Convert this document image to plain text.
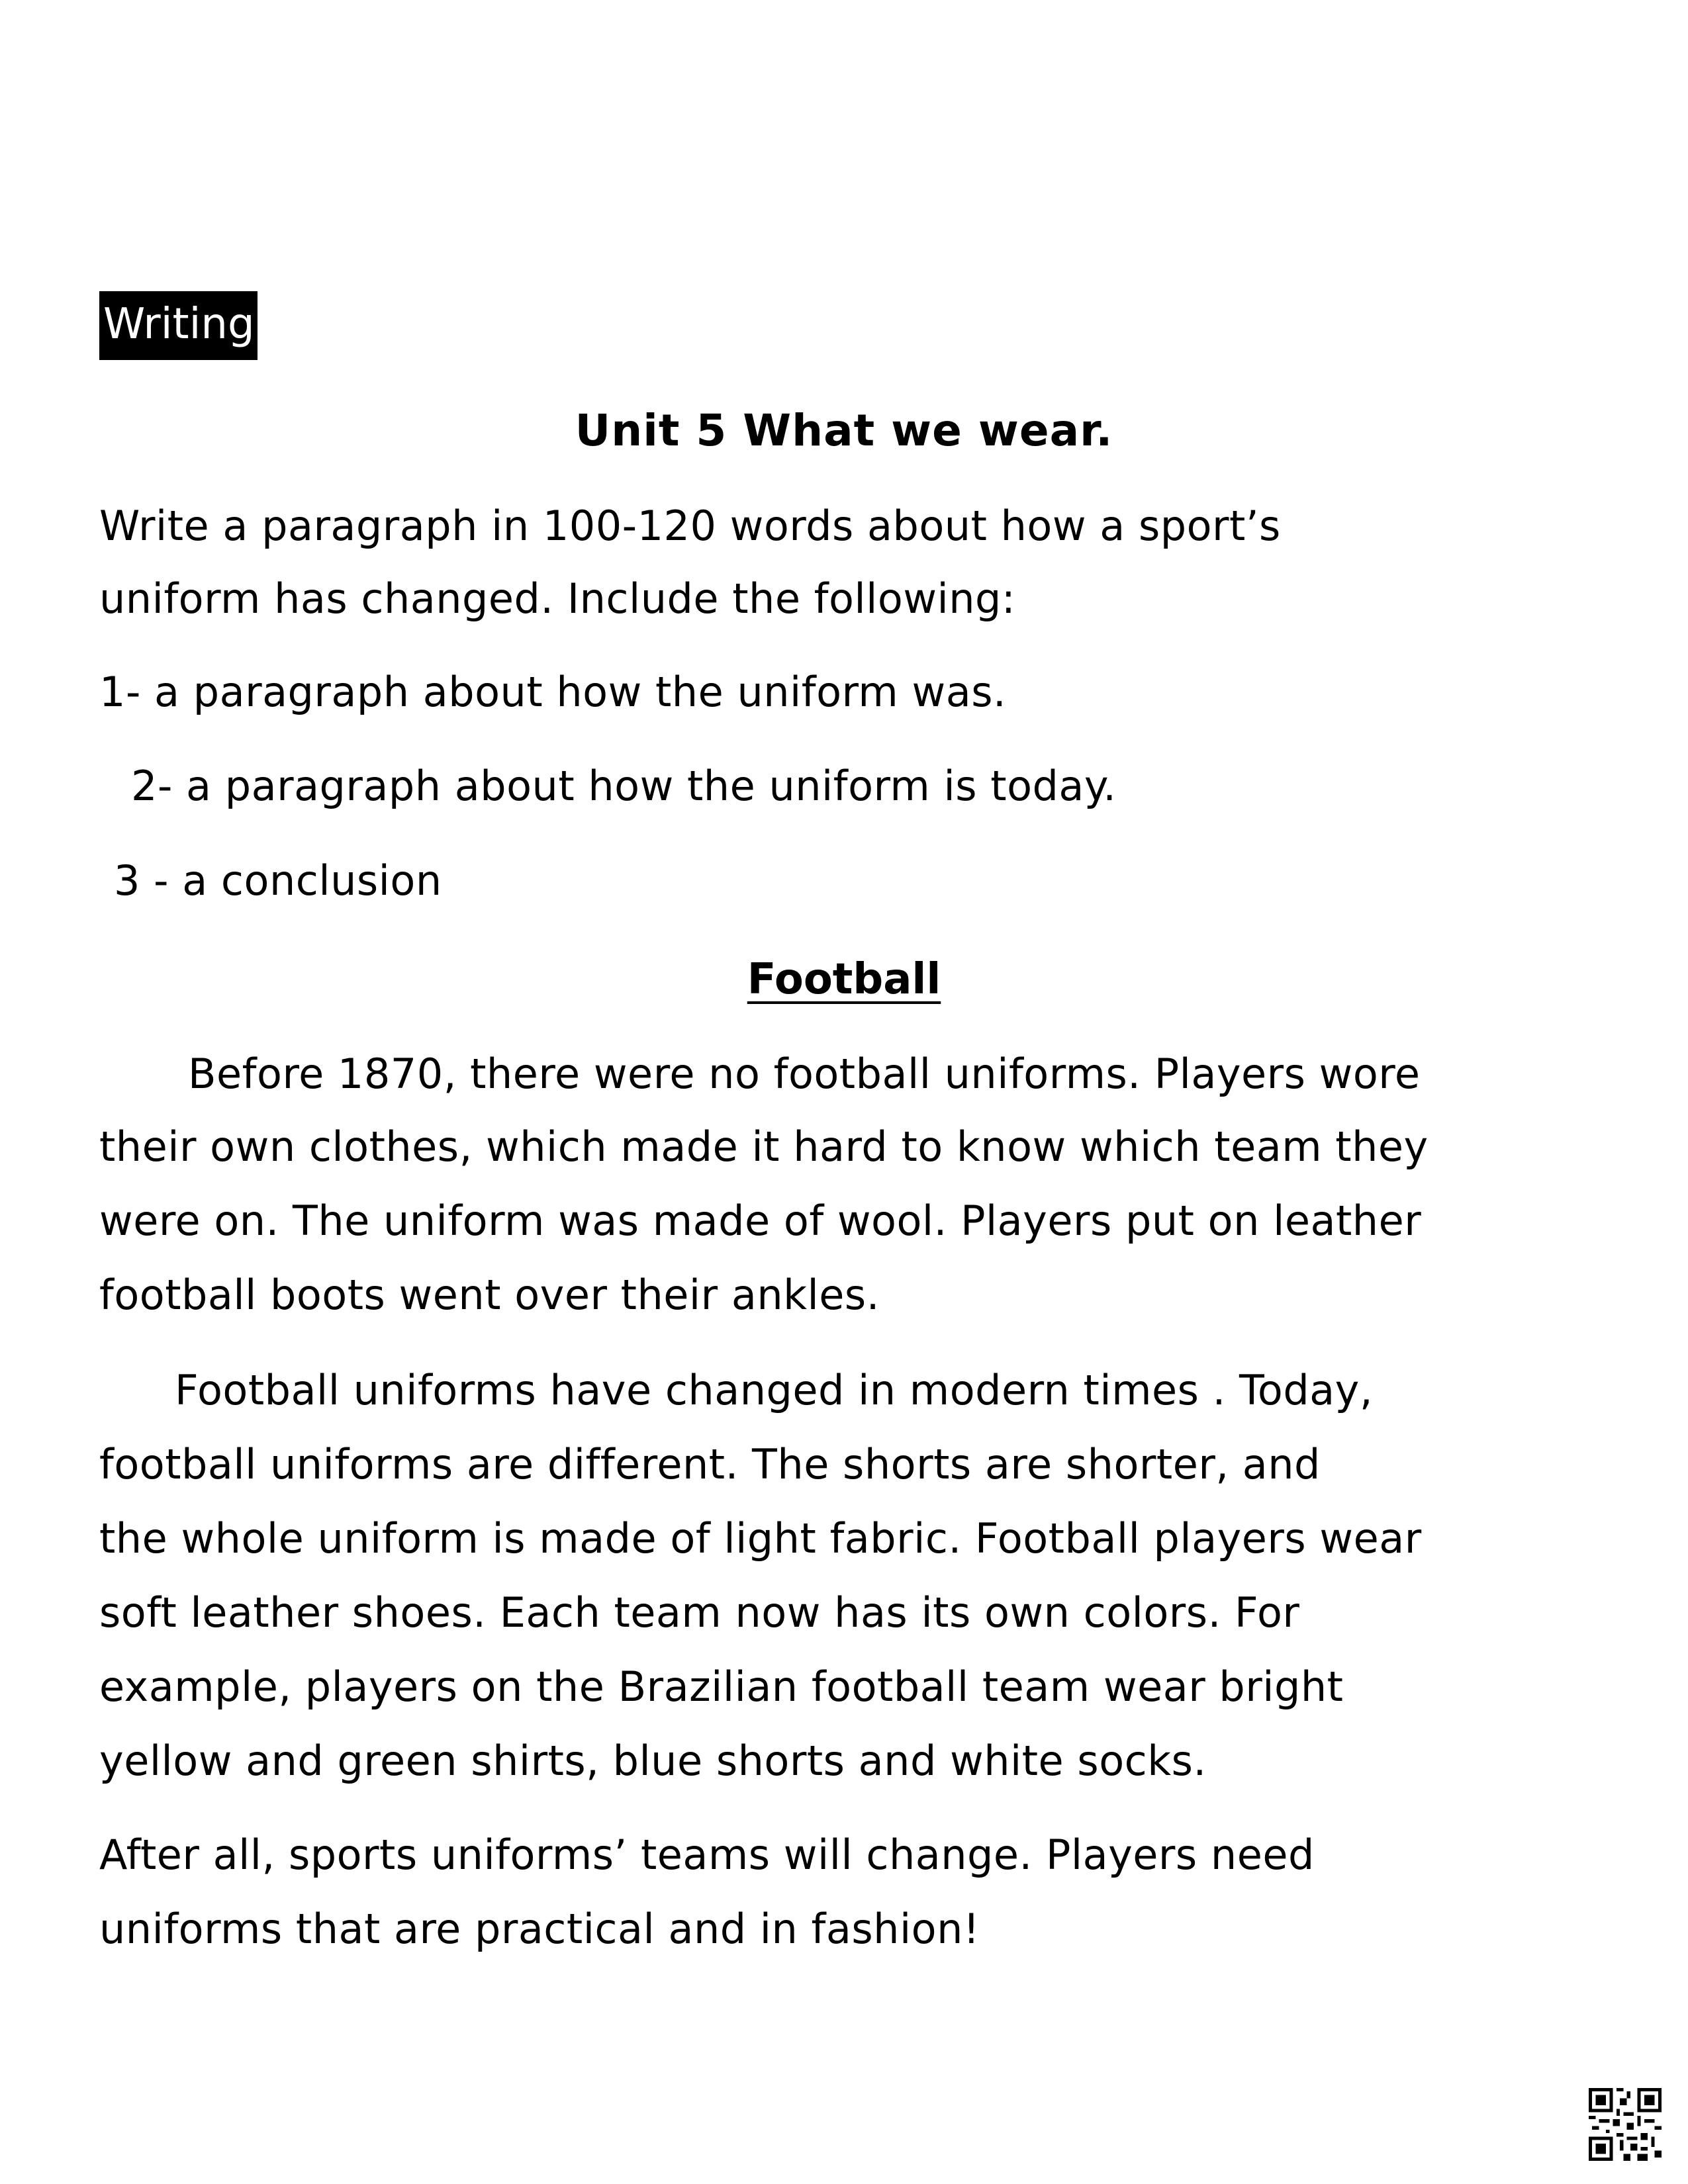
Writing
Unit 5 What we wear.
Write a paragraph in 100-120 words about how a sport’s
uniform has changed. Include the following:
1- a paragraph about how the uniform was.
2- a paragraph about how the uniform is today.
3 - a conclusion
Football
Before 1870, there were no football uniforms. Players wore
their own clothes, which made it hard to know which team they
were on. The uniform was made of wool. Players put on leather
football boots went over their ankles.
Football uniforms have changed in modern times . Today,
football uniforms are different. The shorts are shorter, and
the whole uniform is made of light fabric. Football players wear
soft leather shoes. Each team now has its own colors. For
example, players on the Brazilian football team wear bright
yellow and green shirts, blue shorts and white socks.
After all, sports uniforms’ teams will change. Players need
uniforms that are practical and in fashion!
